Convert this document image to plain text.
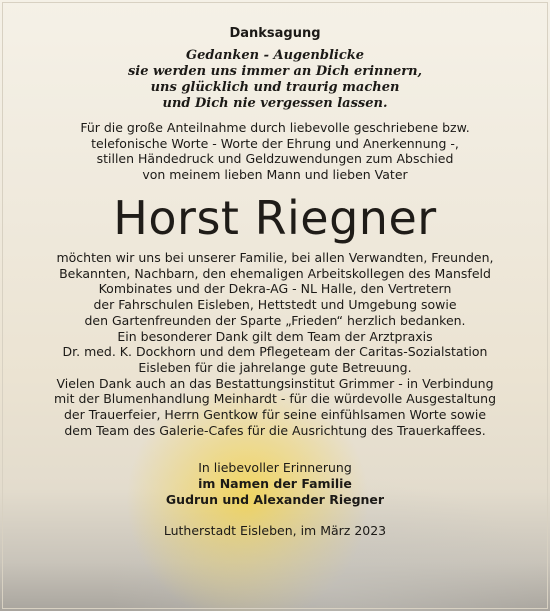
Danksagung
Gedanken - Augenblicke
sie werden uns immer an Dich erinnern,
uns glücklich und traurig machen
und Dich nie vergessen lassen.
Für die große Anteilnahme durch liebevolle geschriebene bzw.
telefonische Worte - Worte der Ehrung und Anerkennung -,
stillen Händedruck und Geldzuwendungen zum Abschied
von meinem lieben Mann und lieben Vater
Horst Riegner
möchten wir uns bei unserer Familie, bei allen Verwandten, Freunden,
Bekannten, Nachbarn, den ehemaligen Arbeitskollegen des Mansfeld
Kombinates und der Dekra-AG - NL Halle, den Vertretern
der Fahrschulen Eisleben, Hettstedt und Umgebung sowie
den Gartenfreunden der Sparte „Frieden“ herzlich bedanken.
Ein besonderer Dank gilt dem Team der Arztpraxis
Dr. med. K. Dockhorn und dem Pflegeteam der Caritas-Sozialstation
Eisleben für die jahrelange gute Betreuung.
Vielen Dank auch an das Bestattungsinstitut Grimmer - in Verbindung
mit der Blumenhandlung Meinhardt - für die würdevolle Ausgestaltung
der Trauerfeier, Herrn Gentkow für seine einfühlsamen Worte sowie
dem Team des Galerie-Cafes für die Ausrichtung des Trauerkaffees.
In liebevoller Erinnerung
im Namen der Familie
Gudrun und Alexander Riegner
Lutherstadt Eisleben, im März 2023
